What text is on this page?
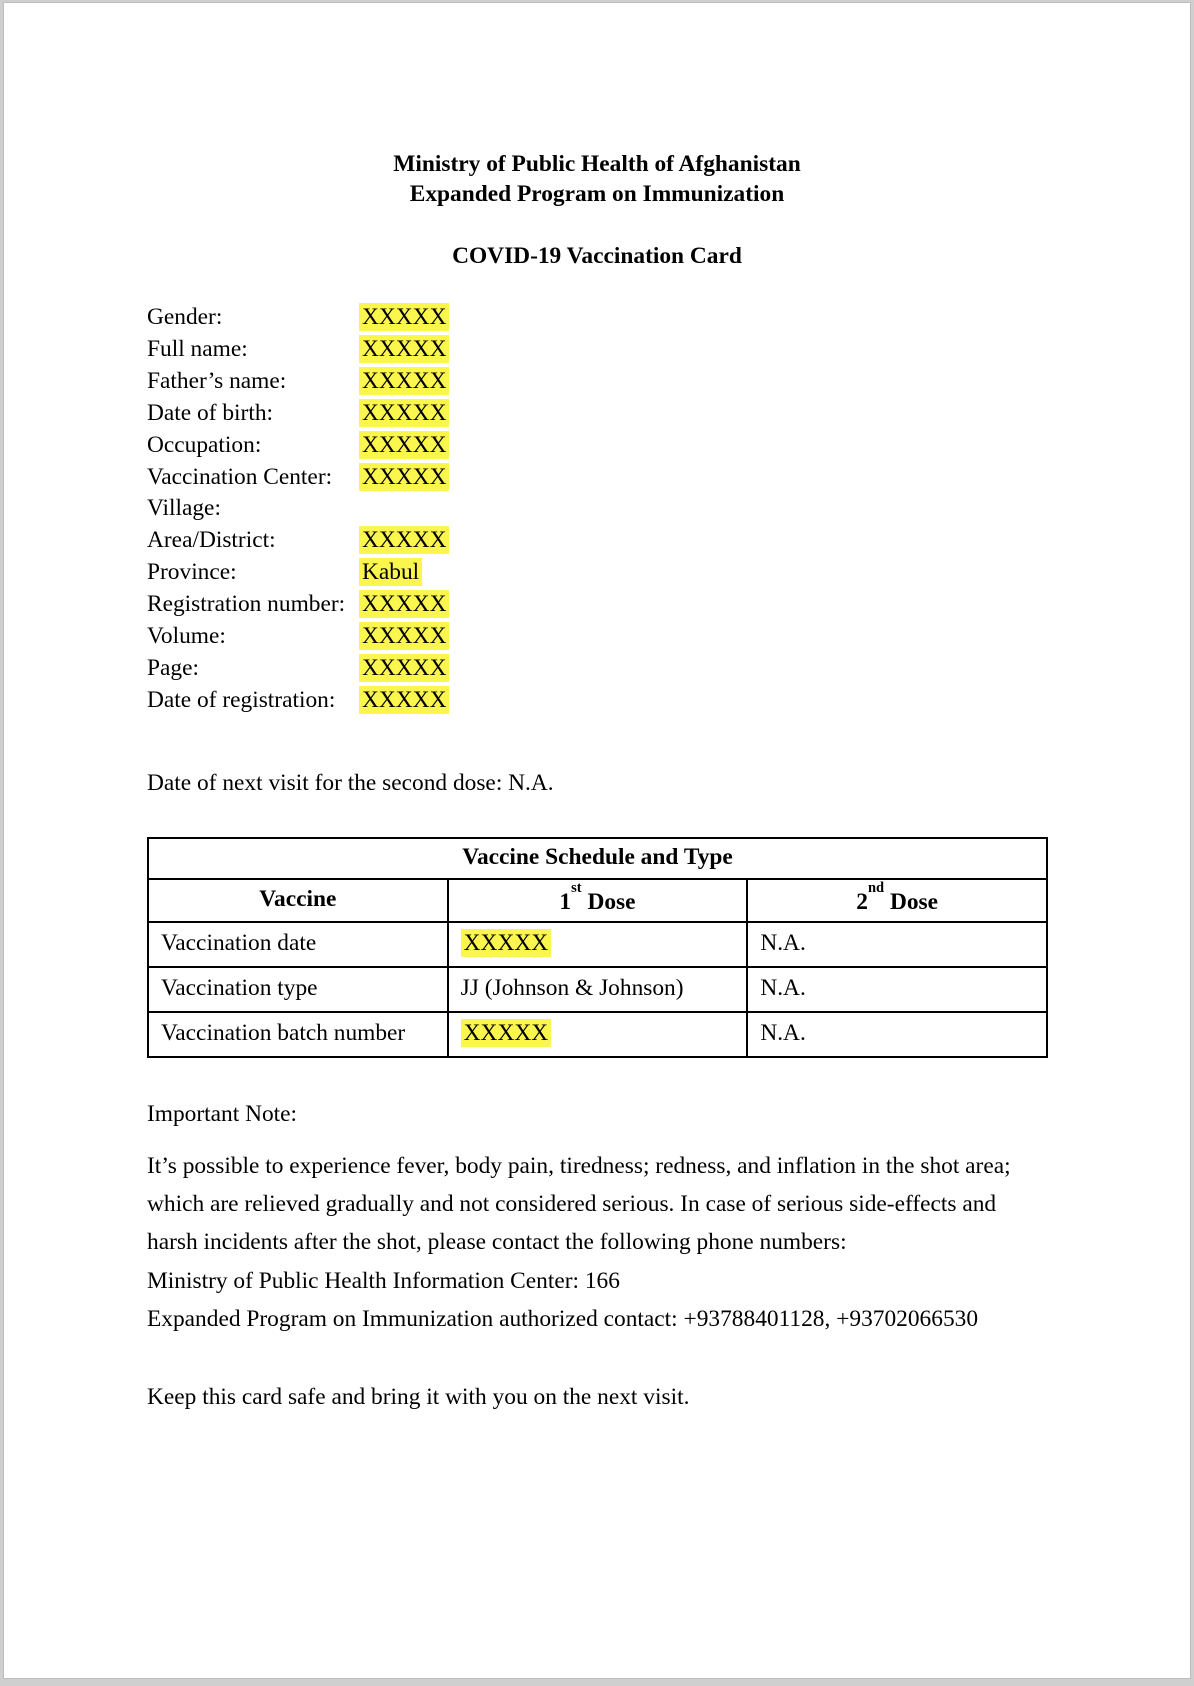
Ministry of Public Health of Afghanistan
Expanded Program on Immunization
COVID-19 Vaccination Card
Gender:	XXXXX
Full name:	XXXXX
Father’s name:	XXXXX
Date of birth:	XXXXX
Occupation:	XXXXX
Vaccination Center:	XXXXX
Village:
Area/District:	XXXXX
Province:	Kabul
Registration number: XXXXX
Volume:	XXXXX
Page:	XXXXX
Date of registration:	XXXXX
Date of next visit for the second dose: N.A.
Vaccine Schedule and Type		
Vaccine	1st Dose	2nd Dose
Vaccination date	XXXXX	N.A.
Vaccination type	JJ (Johnson & Johnson)	N.A.
Vaccination batch number	XXXXX	N.A.
Important Note:
It’s possible to experience fever, body pain, tiredness; redness, and inflation in the shot area; which are relieved gradually and not considered serious. In case of serious side-effects and harsh incidents after the shot, please contact the following phone numbers:
Ministry of Public Health Information Center: 166
Expanded Program on Immunization authorized contact: +93788401128, +93702066530
Keep this card safe and bring it with you on the next visit.
